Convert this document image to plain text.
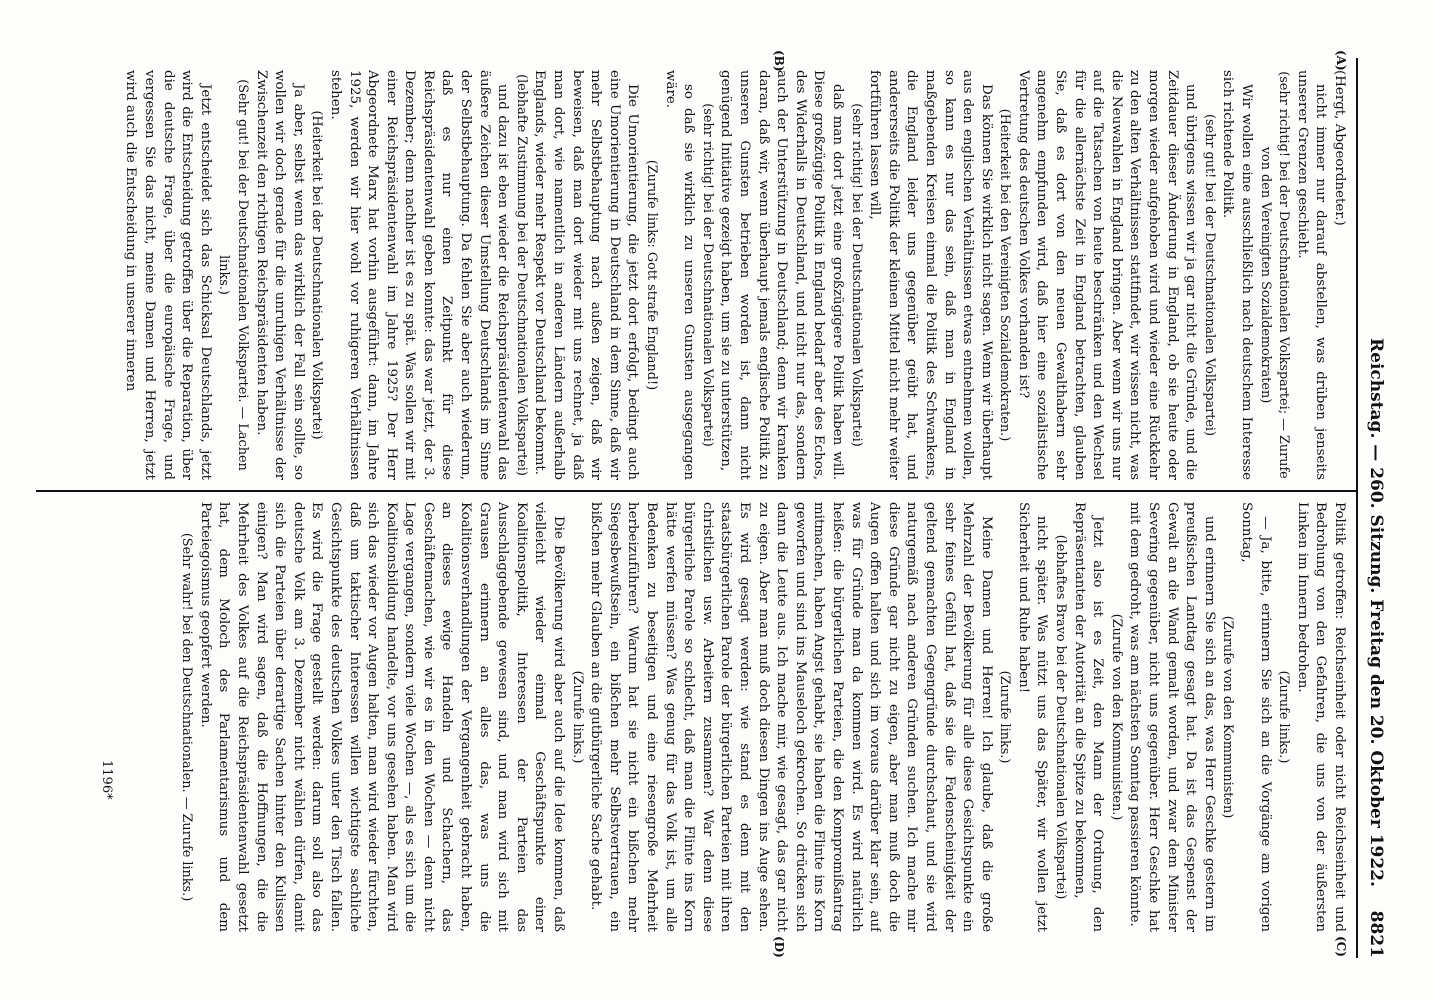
Reichstag. — 260. Sitzung. Freitag den 20. Oktober 1922.
8821
(A)
(B)
(C)
(D)

(Hergt, Abgeordneter.)

nicht immer nur darauf abstellen, was drüben jenseits unserer Grenzen geschieht.

(sehr richtig! bei der Deutschnationalen Volkspartei; — Zurufe von den Vereinigten Sozialdemokraten)

Wir wollen eine ausschließlich nach deutschem Interesse sich richtende Politik.

(sehr gut! bei der Deutschnationalen Volkspartei)

und übrigens wissen wir ja gar nicht die Gründe, und die Zeitdauer dieser Änderung in England, ob sie heute oder morgen wieder aufgehoben wird und wieder eine Rückkehr zu den alten Verhältnissen stattfindet, wir wissen nicht, was die Neuwahlen in England bringen. Aber wenn wir uns nur auf die Tatsachen von heute beschränken und den Wechsel für die allernächste Zeit in England betrachten, glauben Sie, daß es dort von den neuen Gewalthabern sehr angenehm empfunden wird, daß hier eine sozialistische Vertretung des deutschen Volkes vorhanden ist?

(Heiterkeit bei den Vereinigten Sozialdemokraten.)

Das können Sie wirklich nicht sagen. Wenn wir überhaupt aus den englischen Verhältnissen etwas entnehmen wollen, so kann es nur das sein, daß man in England in maßgebenden Kreisen einmal die Politik des Schwankens, die England leider uns gegenüber geübt hat, und andererseits die Politik der kleinen Mittel nicht mehr weiter fortführen lassen will,

(sehr richtig! bei der Deutschnationalen Volkspartei)

daß man dort jetzt eine großzügigere Politik haben will. Diese großzügige Politik in England bedarf aber des Echos, des Widerhalls in Deutschland, und nicht nur das, sondern auch der Unterstützung in Deutschland; denn wir kranken daran, daß wir, wenn überhaupt jemals englische Politik zu unseren Gunsten betrieben worden ist, dann nicht genügend Initiative gezeigt haben, um sie zu unterstützen,

(sehr richtig! bei der Deutschnationalen Volkspartei)

so daß sie wirklich zu unseren Gunsten ausgegangen wäre.

(Zurufe links: Gott strafe England!)

Die Umorientierung, die jetzt dort erfolgt, bedingt auch eine Umorientierung in Deutschland in dem Sinne, daß wir mehr Selbstbehauptung nach außen zeigen, daß wir beweisen, daß man dort wieder mit uns rechnet, ja daß man dort, wie namentlich in anderen Ländern außerhalb Englands, wieder mehr Respekt vor Deutschland bekommt.

(lebhafte Zustimmung bei der Deutschnationalen Volkspartei)

und dazu ist eben wieder die Reichspräsidentenwahl das äußere Zeichen dieser Umstellung Deutschlands im Sinne der Selbstbehauptung. Da fehlen Sie aber auch wiederum, daß es nur einen Zeitpunkt für diese Reichspräsidentenwahl geben konnte: das war jetzt, der 3. Dezember; denn nachher ist es zu spät. Was sollen wir mit einer Reichspräsidentenwahl im Jahre 1925? Der Herr Abgeordnete Marx hat vorhin ausgeführt: dann, im Jahre 1925, werden wir hier wohl vor ruhigeren Verhältnissen stehen.

(Heiterkeit bei der Deutschnationalen Volkspartei)

Ja aber, selbst wenn das wirklich der Fall sein sollte, so wollen wir doch gerade für die unruhigen Verhältnisse der Zwischenzeit den richtigen Reichspräsidenten haben.

(Sehr gut! bei der Deutschnationalen Volkspartei. — Lachen links.)

Jetzt entscheidet sich das Schicksal Deutschlands, jetzt wird die Entscheidung getroffen über die Reparation, über die deutsche Frage, über die europäische Frage, und vergessen Sie das nicht, meine Damen und Herren, jetzt wird auch die Entscheidung in unserer inneren

Politik getroffen: Reichseinheit oder nicht Reichseinheit und Bedrohung von den Gefahren, die uns von der äußersten Linken im Innern bedrohen.

(Zurufe links.)

— Ja, bitte, erinnern Sie sich an die Vorgänge am vorigen Sonntag,

(Zurufe von den Kommunisten)

und erinnern Sie sich an das, was Herr Geschke gestern im preußischen Landtag gesagt hat. Da ist das Gespenst der Gewalt an die Wand gemalt worden, und zwar dem Minister Severing gegenüber, nicht uns gegenüber. Herr Geschke hat mit dem gedroht, was am nächsten Sonntag passieren könnte.

(Zurufe von den Kommunisten.)

Jetzt also ist es Zeit, den Mann der Ordnung, den Repräsentanten der Autorität an die Spitze zu bekommen,

(lebhaftes Bravo bei der Deutschnationalen Volkspartei)

nicht später. Was nützt uns das Später, wir wollen jetzt Sicherheit und Ruhe haben!

(Zurufe links.)

Meine Damen und Herren! Ich glaube, daß die große Mehrzahl der Bevölkerung für alle diese Gesichtspunkte ein sehr feines Gefühl hat, daß sie die Fadenscheinigkeit der geltend gemachten Gegengründe durchschaut, und sie wird naturgemäß nach anderen Gründen suchen. Ich mache mir diese Gründe gar nicht zu eigen, aber man muß doch die Augen offen halten und sich im voraus darüber klar sein, auf was für Gründe man da kommen wird. Es wird natürlich heißen: die bürgerlichen Parteien, die den Kompromißantrag mitmachen, haben Angst gehabt, sie haben die Flinte ins Korn geworfen und sind ins Mauseloch gekrochen. So drücken sich dann die Leute aus. Ich mache mir, wie gesagt, das gar nicht zu eigen. Aber man muß doch diesen Dingen ins Auge sehen. Es wird gesagt werden: wie stand es denn mit den staatsbürgerlichen Parole der bürgerlichen Parteien mit ihren christlichen usw. Arbeitern zusammen? War denn diese bürgerliche Parole so schlecht, daß man die Flinte ins Korn hätte werfen müssen? Was genug für das Volk ist, um alle Bedenken zu beseitigen und eine riesengroße Mehrheit herbeizuführen? Warum hat sie nicht ein bißchen mehr Siegesbewußtsein, ein bißchen mehr Selbstvertrauen, ein bißchen mehr Glauben an die gutbürgerliche Sache gehabt.

(Zurufe links.)

Die Bevölkerung wird aber auch auf die Idee kommen, daß vielleicht wieder einmal Geschäftspunkte einer Koalitionspolitik, Interessen der Parteien das Ausschlaggebende gewesen sind, und man wird sich mit Grausen erinnern an alles das, was uns die Koalitionsverhandlungen der Vergangenheit gebracht haben, an dieses ewige Handeln und Schachern, das Geschäftemachen, wie wir es in den Wochen — denn nicht Lage vergangen, sondern viele Wochen —, als es sich um die Koalitionsbildung handelte, vor uns gesehen haben. Man wird sich das wieder vor Augen halten, man wird wieder fürchten, daß um taktischer Interessen willen wichtigste sachliche Gesichtspunkte des deutschen Volkes unter den Tisch fallen. Es wird die Frage gestellt werden: darum soll also das deutsche Volk am 3. Dezember nicht wählen dürfen, damit sich die Parteien über derartige Sachen hinter den Kulissen einigen? Man wird sagen, daß die Hoffnungen, die die Mehrheit des Volkes auf die Reichspräsidentenwahl gesetzt hat, dem Moloch des Parlamentarismus und dem Parteiegoismus geopfert werden.

(Sehr wahr! bei den Deutschnationalen. — Zurufe links.)

1196*
